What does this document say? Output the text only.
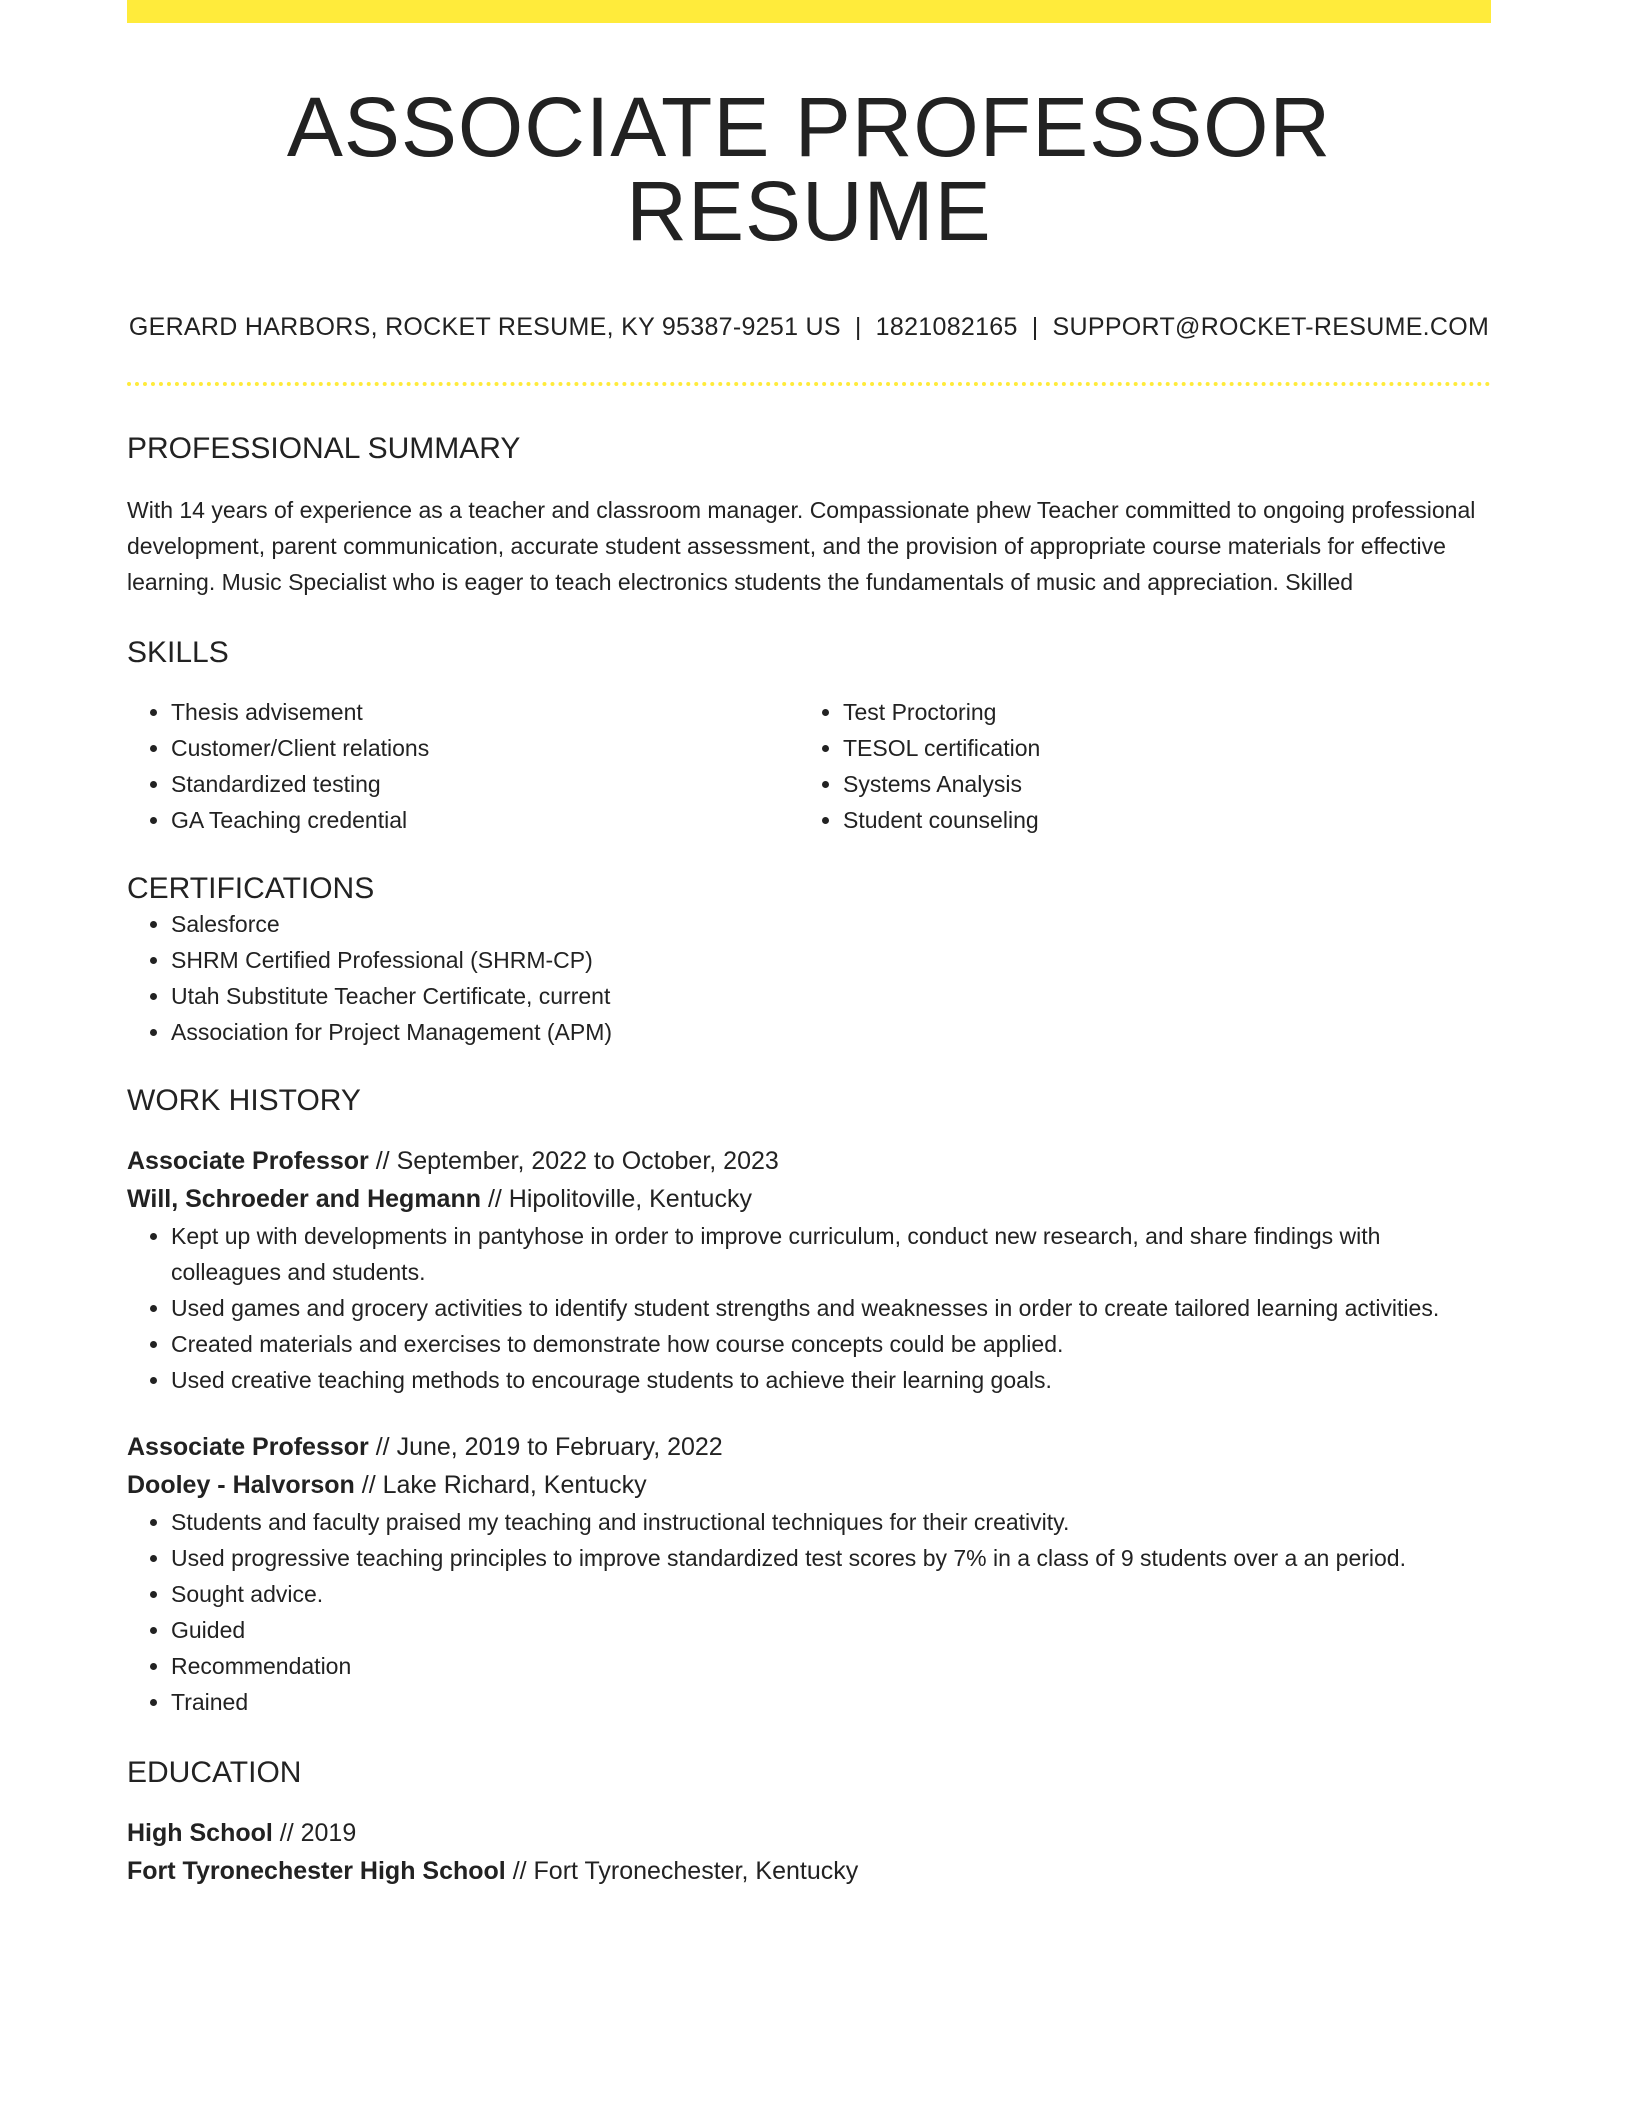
ASSOCIATE PROFESSOR RESUME
GERARD HARBORS, ROCKET RESUME, KY 95387-9251 US | 1821082165 | SUPPORT@ROCKET-RESUME.COM
PROFESSIONAL SUMMARY

With 14 years of experience as a teacher and classroom manager. Compassionate phew Teacher committed to ongoing professional development, parent communication, accurate student assessment, and the provision of appropriate course materials for effective learning. Music Specialist who is eager to teach electronics students the fundamentals of music and appreciation. Skilled

SKILLS
• Thesis advisement
• Customer/Client relations
• Standardized testing
• GA Teaching credential
• Test Proctoring
• TESOL certification
• Systems Analysis
• Student counseling
CERTIFICATIONS
• Salesforce
• SHRM Certified Professional (SHRM-CP)
• Utah Substitute Teacher Certificate, current
• Association for Project Management (APM)
WORK HISTORY

Associate Professor // September, 2022 to October, 2023

Will, Schroeder and Hegmann // Hipolitoville, Kentucky

• Kept up with developments in pantyhose in order to improve curriculum, conduct new research, and share findings with colleagues and students.
• Used games and grocery activities to identify student strengths and weaknesses in order to create tailored learning activities.
• Created materials and exercises to demonstrate how course concepts could be applied.
• Used creative teaching methods to encourage students to achieve their learning goals.

Associate Professor // June, 2019 to February, 2022

Dooley - Halvorson // Lake Richard, Kentucky

• Students and faculty praised my teaching and instructional techniques for their creativity.
• Used progressive teaching principles to improve standardized test scores by 7% in a class of 9 students over a an period.
• Sought advice.
• Guided
• Recommendation
• Trained
EDUCATION

High School // 2019

Fort Tyronechester High School // Fort Tyronechester, Kentucky
